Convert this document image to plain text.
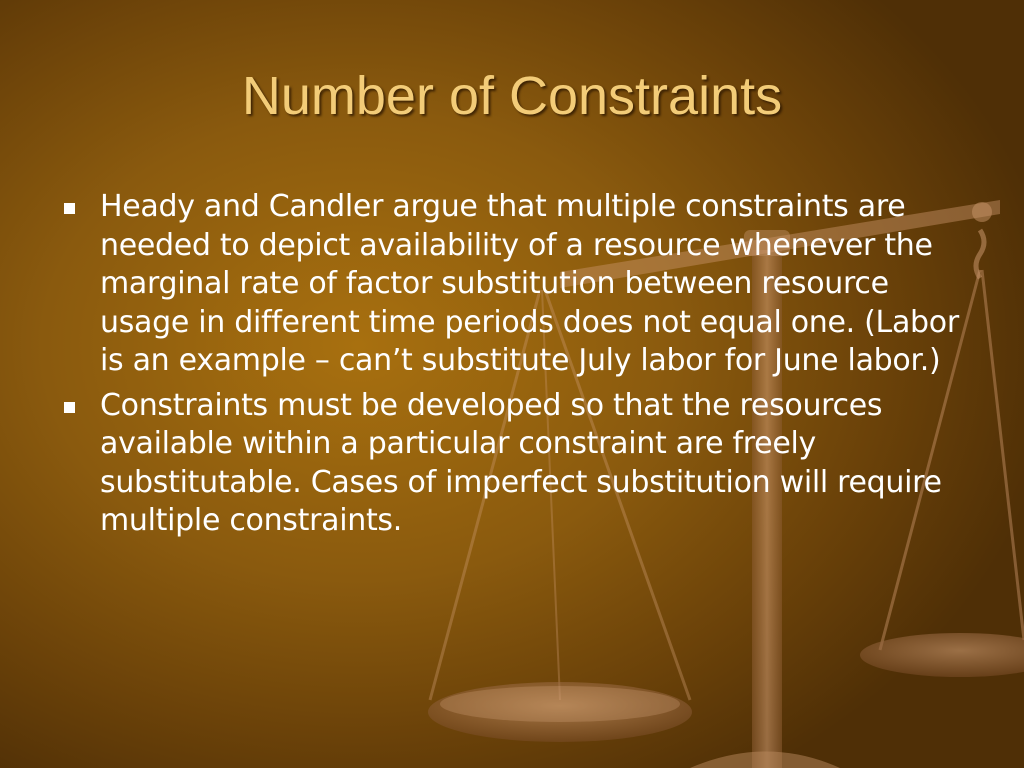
Number of Constraints
Heady and Candler argue that multiple constraints are needed to depict availability of a resource whenever the marginal rate of factor substitution between resource usage in different time periods does not equal one. (Labor is an example – can’t substitute July labor for June labor.)
Constraints must be developed so that the resources available within a particular constraint are freely substitutable. Cases of imperfect substitution will require multiple constraints.
